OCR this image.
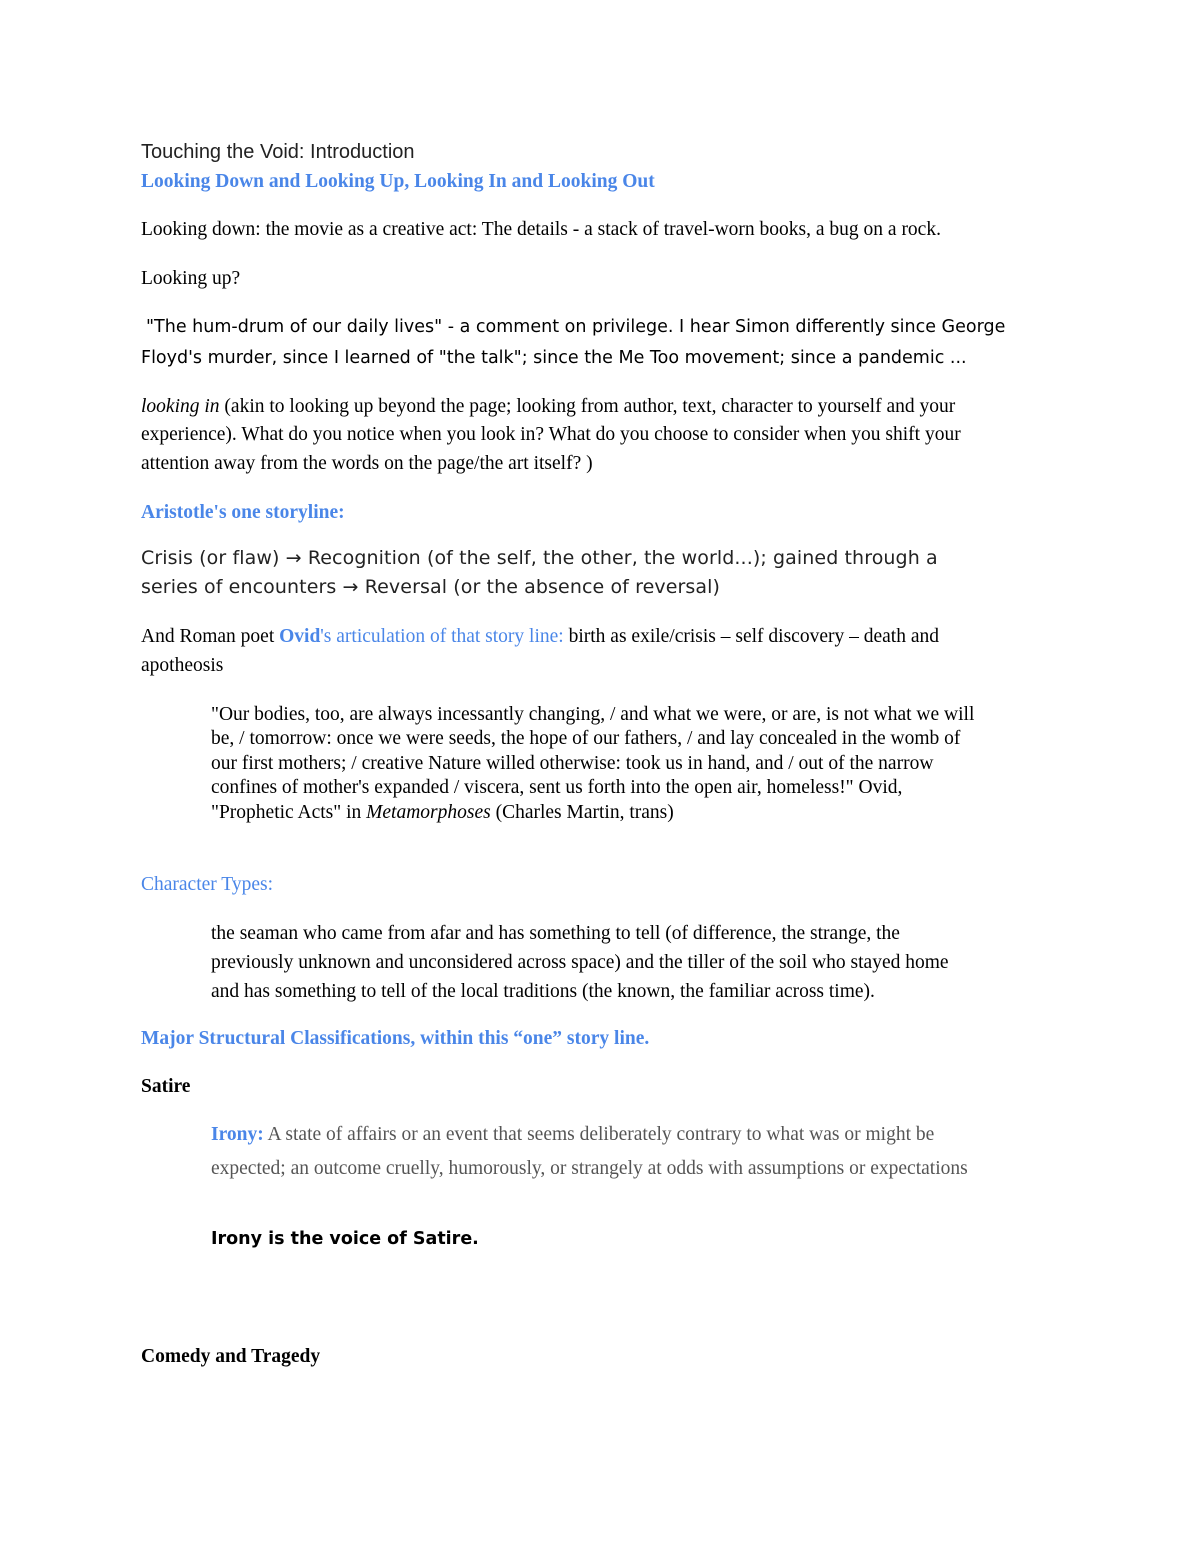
Touching the Void: Introduction
Looking Down and Looking Up, Looking In and Looking Out
Looking down: the movie as a creative act: The details - a stack of travel-worn books, a bug on a rock.
Looking up?
"The hum-drum of our daily lives" - a comment on privilege. I hear Simon differently since George
Floyd's murder, since I learned of "the talk"; since the Me Too movement; since a pandemic ...
looking in (akin to looking up beyond the page; looking from author, text, character to yourself and your
experience). What do you notice when you look in? What do you choose to consider when you shift your
attention away from the words on the page/the art itself? )
Aristotle's one storyline:
Crisis (or flaw) → Recognition (of the self, the other, the world...); gained through a
series of encounters → Reversal (or the absence of reversal)
And Roman poet Ovid's articulation of that story line: birth as exile/crisis – self discovery – death and
apotheosis
"Our bodies, too, are always incessantly changing, / and what we were, or are, is not what we will
be, / tomorrow: once we were seeds, the hope of our fathers, / and lay concealed in the womb of
our first mothers; / creative Nature willed otherwise: took us in hand, and / out of the narrow
confines of mother's expanded / viscera, sent us forth into the open air, homeless!" Ovid,
"Prophetic Acts" in Metamorphoses (Charles Martin, trans)
Character Types:
the seaman who came from afar and has something to tell (of difference, the strange, the
previously unknown and unconsidered across space) and the tiller of the soil who stayed home
and has something to tell of the local traditions (the known, the familiar across time).
Major Structural Classifications, within this “one” story line.
Satire
Irony: A state of affairs or an event that seems deliberately contrary to what was or might be
expected; an outcome cruelly, humorously, or strangely at odds with assumptions or expectations
Irony is the voice of Satire.
Comedy and Tragedy
